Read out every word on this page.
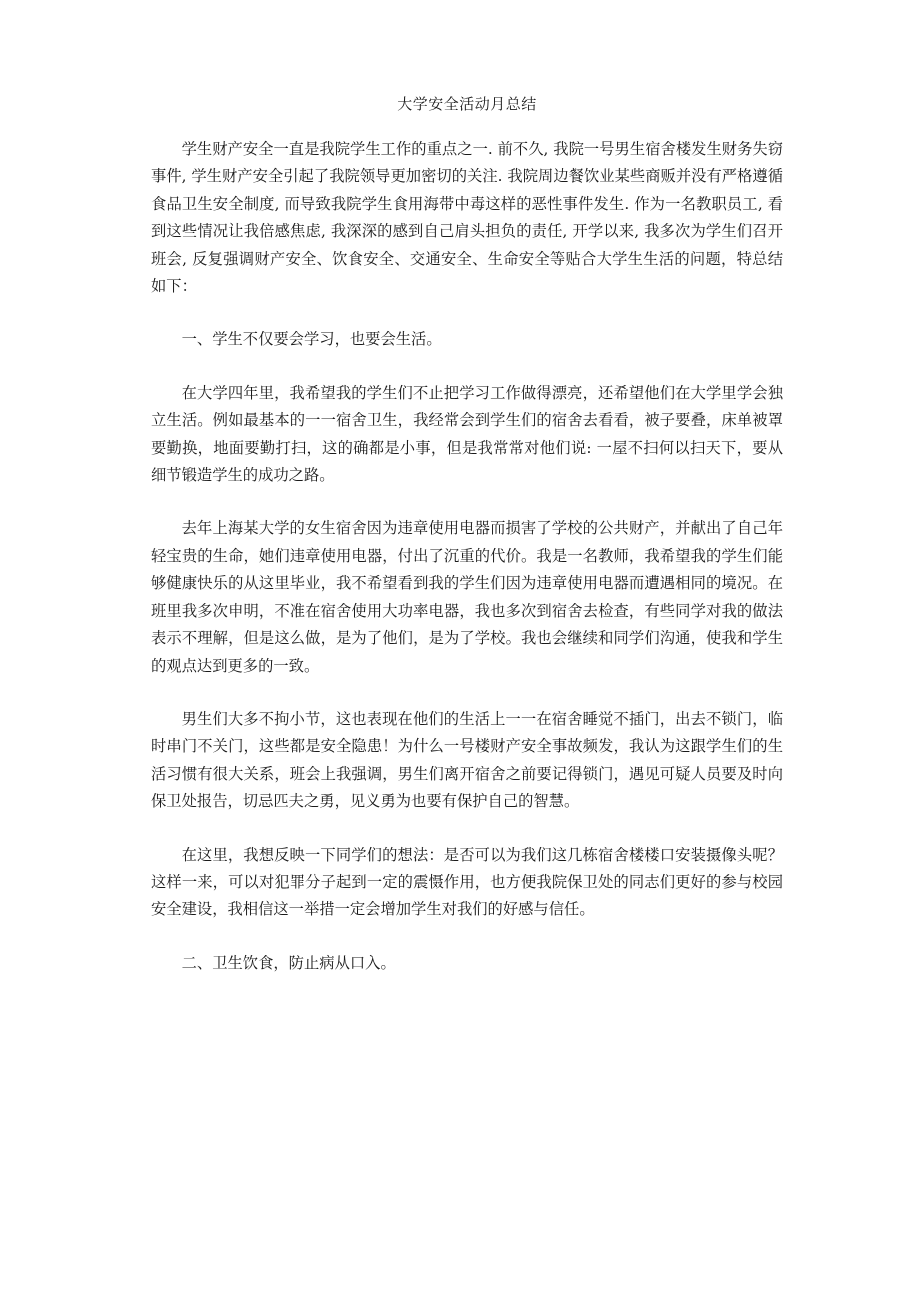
大学安全活动月总结

学生财产安全一直是我院学生工作的重点之一. 前不久, 我院一号男生宿舍楼发生财务失窃事件, 学生财产安全引起了我院领导更加密切的关注. 我院周边餐饮业某些商贩并没有严格遵循食品卫生安全制度, 而导致我院学生食用海带中毒这样的恶性事件发生. 作为一名教职员工, 看到这些情况让我倍感焦虑, 我深深的感到自己肩头担负的责任, 开学以来, 我多次为学生们召开班会, 反复强调财产安全、饮食安全、交通安全、生命安全等贴合大学生生活的问题，特总结如下：

一、学生不仅要会学习，也要会生活。

在大学四年里，我希望我的学生们不止把学习工作做得漂亮，还希望他们在大学里学会独立生活。例如最基本的一一宿舍卫生，我经常会到学生们的宿舍去看看，被子要叠，床单被罩要勤换，地面要勤打扫，这的确都是小事，但是我常常对他们说: 一屋不扫何以扫天下，要从细节锻造学生的成功之路。

去年上海某大学的女生宿舍因为违章使用电器而损害了学校的公共财产，并献出了自己年轻宝贵的生命，她们违章使用电器，付出了沉重的代价。我是一名教师，我希望我的学生们能够健康快乐的从这里毕业，我不希望看到我的学生们因为违章使用电器而遭遇相同的境况。在班里我多次申明，不准在宿舍使用大功率电器，我也多次到宿舍去检查，有些同学对我的做法表示不理解，但是这么做，是为了他们，是为了学校。我也会继续和同学们沟通，使我和学生的观点达到更多的一致。

男生们大多不拘小节，这也表现在他们的生活上一一在宿舍睡觉不插门，出去不锁门，临时串门不关门，这些都是安全隐患！为什么一号楼财产安全事故频发，我认为这跟学生们的生活习惯有很大关系，班会上我强调，男生们离开宿舍之前要记得锁门，遇见可疑人员要及时向保卫处报告，切忌匹夫之勇，见义勇为也要有保护自己的智慧。

在这里，我想反映一下同学们的想法：是否可以为我们这几栋宿舍楼楼口安装摄像头呢？这样一来，可以对犯罪分子起到一定的震慑作用，也方便我院保卫处的同志们更好的参与校园安全建设，我相信这一举措一定会增加学生对我们的好感与信任。

二、卫生饮食，防止病从口入。
